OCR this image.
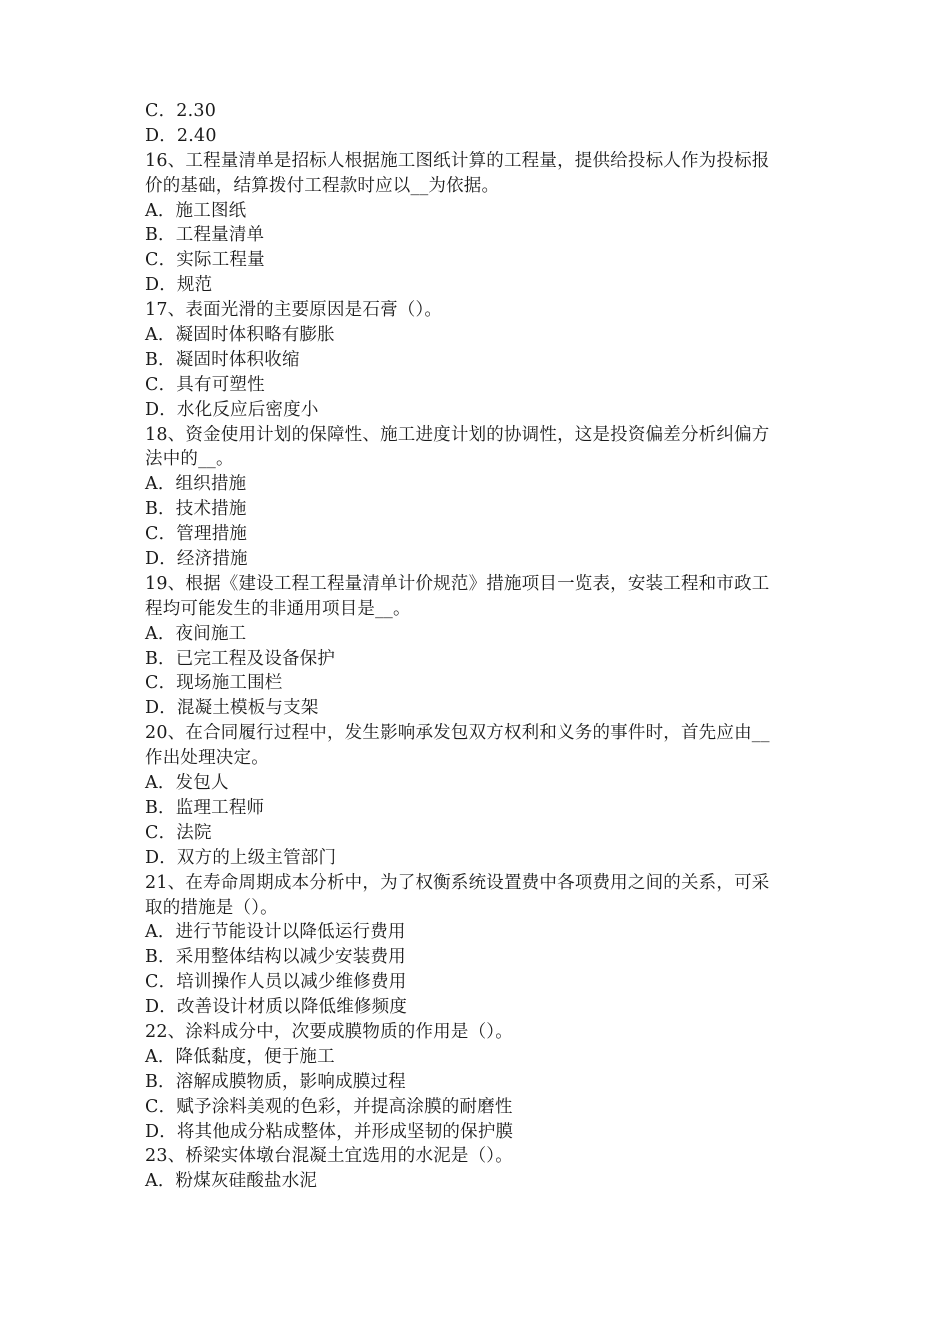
C．2.30
D．2.40
16、工程量清单是招标人根据施工图纸计算的工程量，提供给投标人作为投标报
价的基础，结算拨付工程款时应以__为依据。
A．施工图纸
B．工程量清单
C．实际工程量
D．规范
17、表面光滑的主要原因是石膏（）。
A．凝固时体积略有膨胀
B．凝固时体积收缩
C．具有可塑性
D．水化反应后密度小
18、资金使用计划的保障性、施工进度计划的协调性，这是投资偏差分析纠偏方
法中的__。
A．组织措施
B．技术措施
C．管理措施
D．经济措施
19、根据《建设工程工程量清单计价规范》措施项目一览表，安装工程和市政工
程均可能发生的非通用项目是__。
A．夜间施工
B．已完工程及设备保护
C．现场施工围栏
D．混凝土模板与支架
20、在合同履行过程中，发生影响承发包双方权利和义务的事件时，首先应由__
作出处理决定。
A．发包人
B．监理工程师
C．法院
D．双方的上级主管部门
21、在寿命周期成本分析中，为了权衡系统设置费中各项费用之间的关系，可采
取的措施是（）。
A．进行节能设计以降低运行费用
B．采用整体结构以减少安装费用
C．培训操作人员以减少维修费用
D．改善设计材质以降低维修频度
22、涂料成分中，次要成膜物质的作用是（）。
A．降低黏度，便于施工
B．溶解成膜物质，影响成膜过程
C．赋予涂料美观的色彩，并提高涂膜的耐磨性
D．将其他成分粘成整体，并形成坚韧的保护膜
23、桥梁实体墩台混凝土宜选用的水泥是（）。
A．粉煤灰硅酸盐水泥
